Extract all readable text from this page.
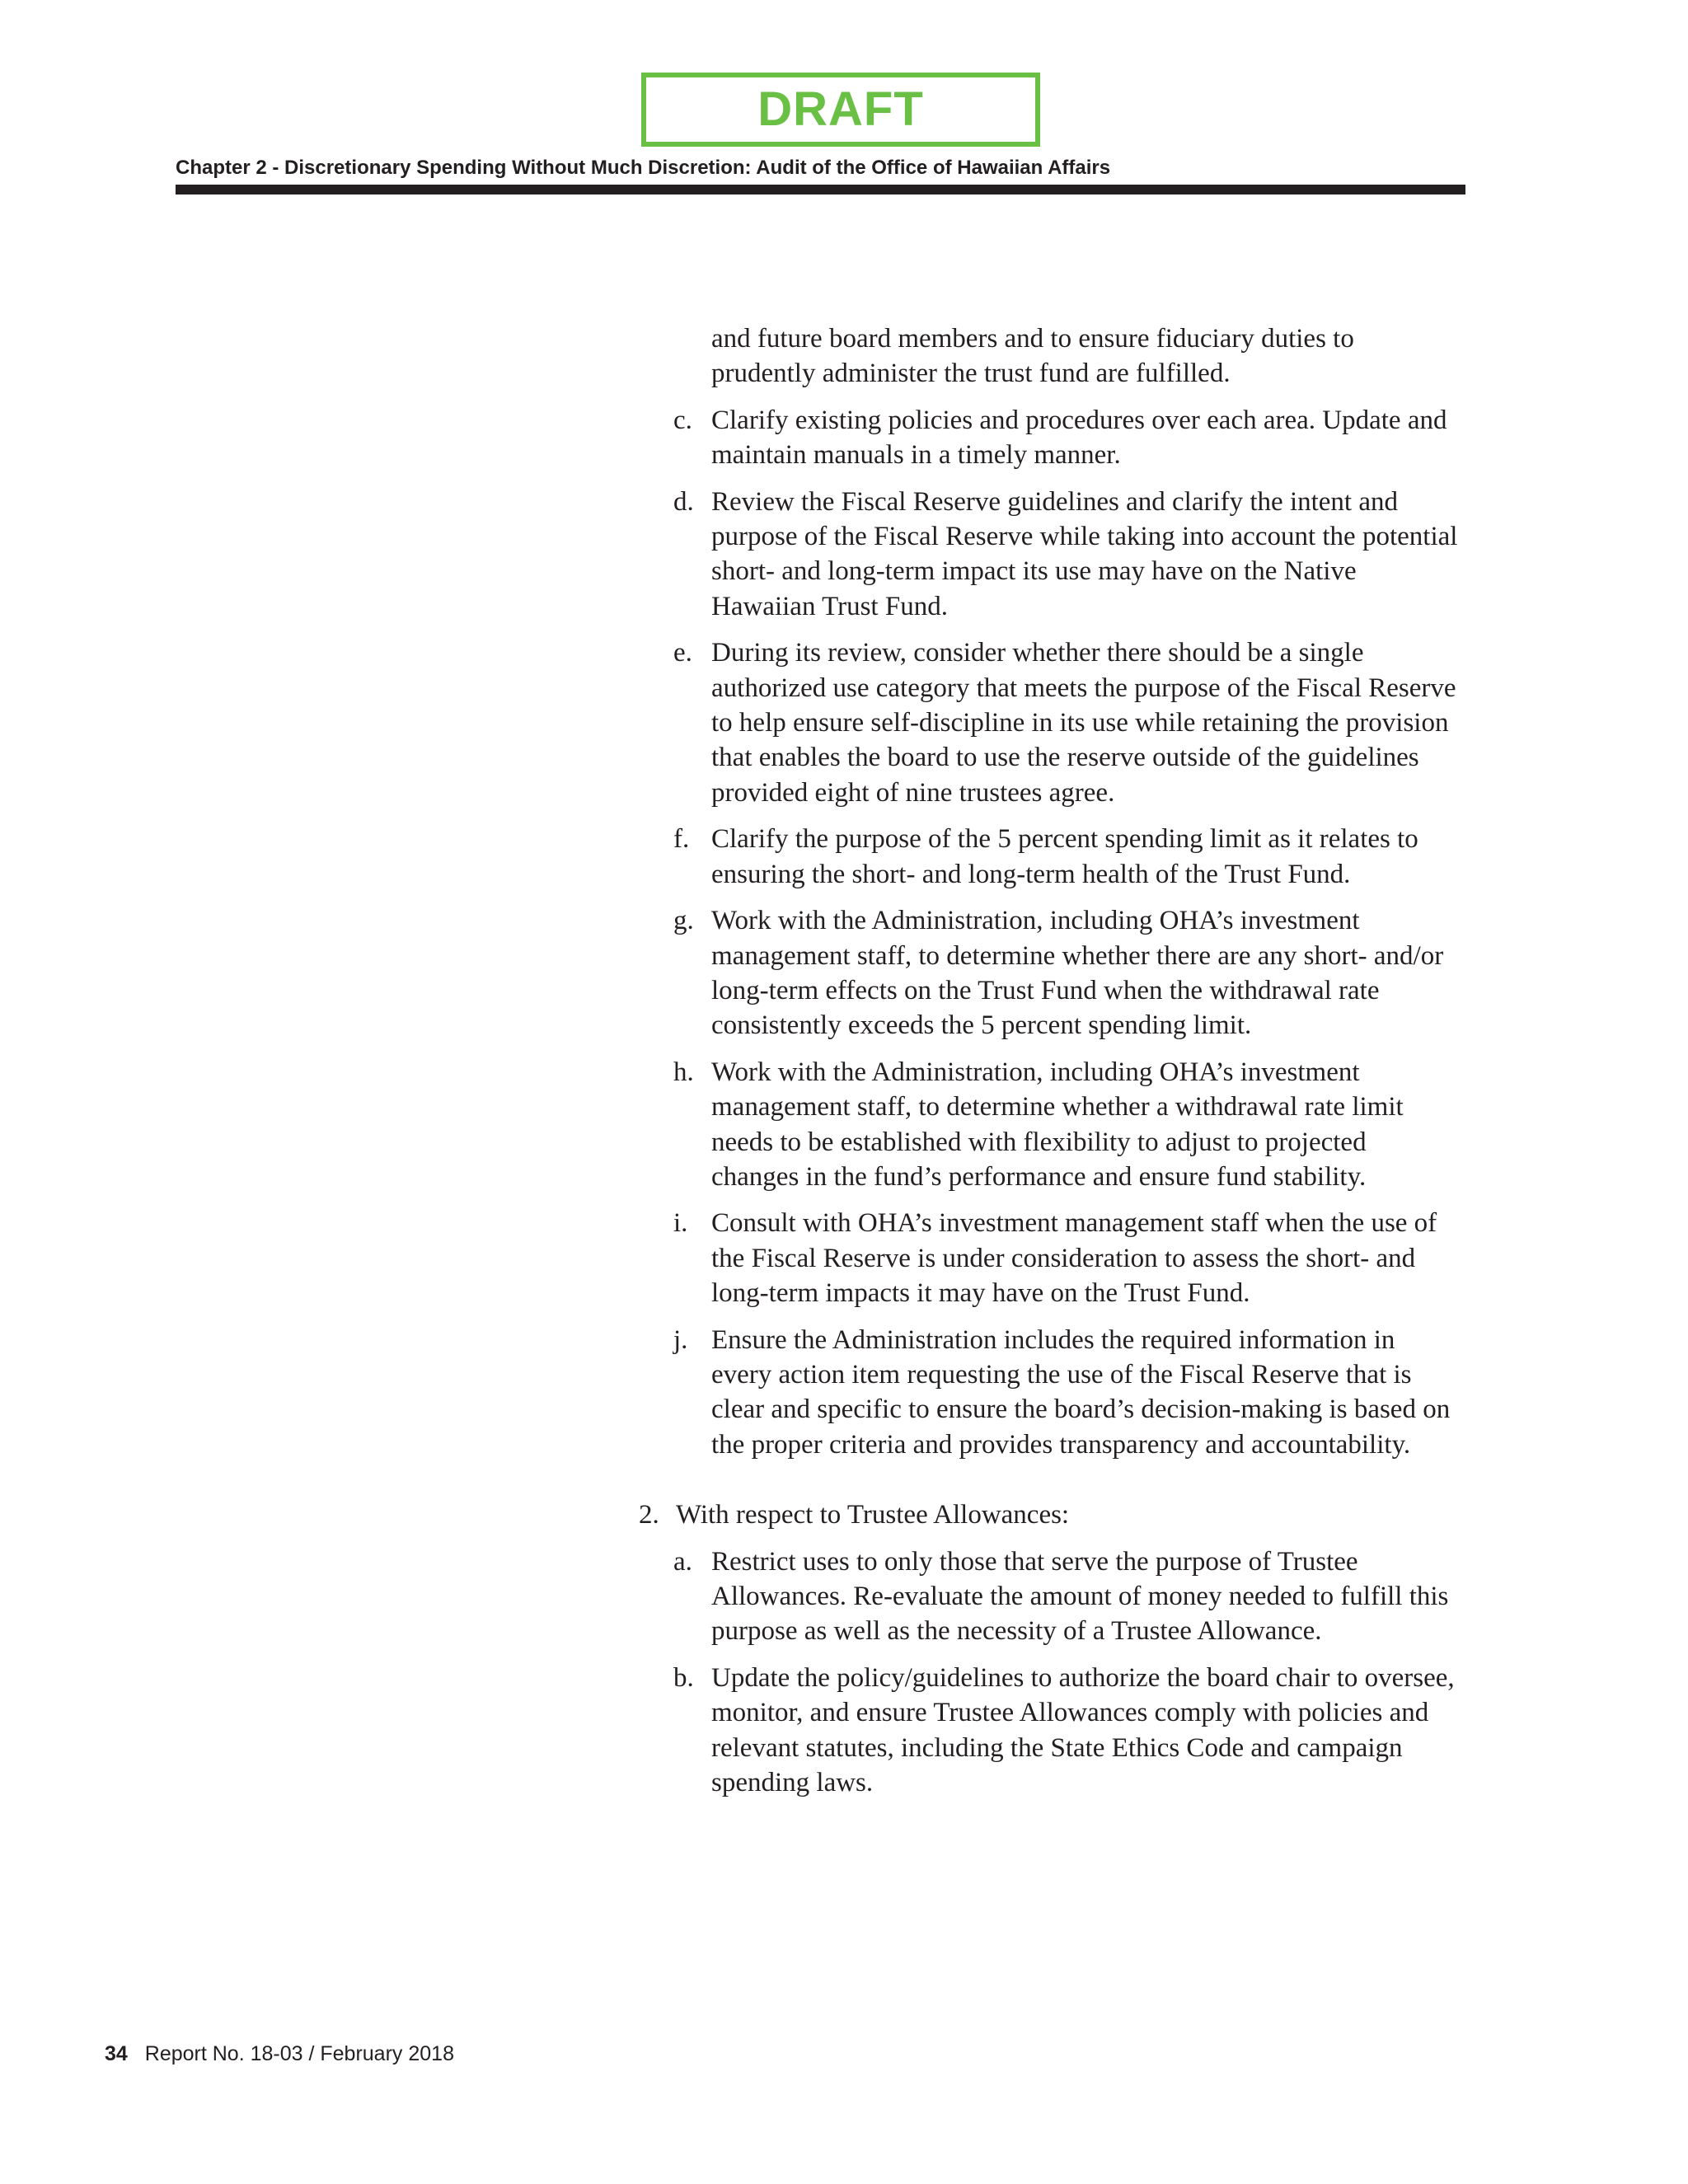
DRAFT
Chapter 2 - Discretionary Spending Without Much Discretion: Audit of the Office of Hawaiian Affairs
and future board members and to ensure fiduciary duties to prudently administer the trust fund are fulfilled.
c. Clarify existing policies and procedures over each area. Update and maintain manuals in a timely manner.
d. Review the Fiscal Reserve guidelines and clarify the intent and purpose of the Fiscal Reserve while taking into account the potential short- and long-term impact its use may have on the Native Hawaiian Trust Fund.
e. During its review, consider whether there should be a single authorized use category that meets the purpose of the Fiscal Reserve to help ensure self-discipline in its use while retaining the provision that enables the board to use the reserve outside of the guidelines provided eight of nine trustees agree.
f. Clarify the purpose of the 5 percent spending limit as it relates to ensuring the short- and long-term health of the Trust Fund.
g. Work with the Administration, including OHA’s investment management staff, to determine whether there are any short- and/or long-term effects on the Trust Fund when the withdrawal rate consistently exceeds the 5 percent spending limit.
h. Work with the Administration, including OHA’s investment management staff, to determine whether a withdrawal rate limit needs to be established with flexibility to adjust to projected changes in the fund’s performance and ensure fund stability.
i. Consult with OHA’s investment management staff when the use of the Fiscal Reserve is under consideration to assess the short- and long-term impacts it may have on the Trust Fund.
j. Ensure the Administration includes the required information in every action item requesting the use of the Fiscal Reserve that is clear and specific to ensure the board’s decision-making is based on the proper criteria and provides transparency and accountability.
2. With respect to Trustee Allowances:
a. Restrict uses to only those that serve the purpose of Trustee Allowances. Re-evaluate the amount of money needed to fulfill this purpose as well as the necessity of a Trustee Allowance.
b. Update the policy/guidelines to authorize the board chair to oversee, monitor, and ensure Trustee Allowances comply with policies and relevant statutes, including the State Ethics Code and campaign spending laws.
34 Report No. 18-03 / February 2018
